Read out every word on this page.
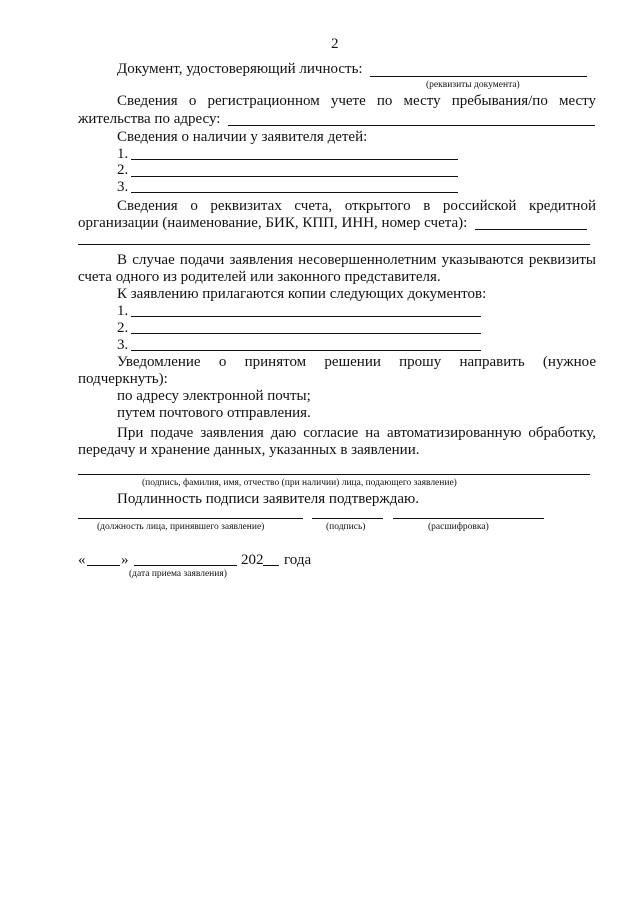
2
Документ, удостоверяющий личность:
(реквизиты документа)
Сведения о регистрационном учете по месту пребывания/по месту
жительства по адресу:
Сведения о наличии у заявителя детей:
1.
2.
3.
Сведения о реквизитах счета, открытого в российской кредитной
организации (наименование, БИК, КПП, ИНН, номер счета):
В случае подачи заявления несовершеннолетним указываются реквизиты
счета одного из родителей или законного представителя.
К заявлению прилагаются копии следующих документов:
1.
2.
3.
Уведомление о принятом решении прошу направить (нужное
подчеркнуть):
по адресу электронной почты;
путем почтового отправления.
При подаче заявления даю согласие на автоматизированную обработку,
передачу и хранение данных, указанных в заявлении.
(подпись, фамилия, имя, отчество (при наличии) лица, подающего заявление)
Подлинность подписи заявителя подтверждаю.
(должность лица, принявшего заявление)	(подпись)	(расшифровка)
« »	202 года
(дата приема заявления)
